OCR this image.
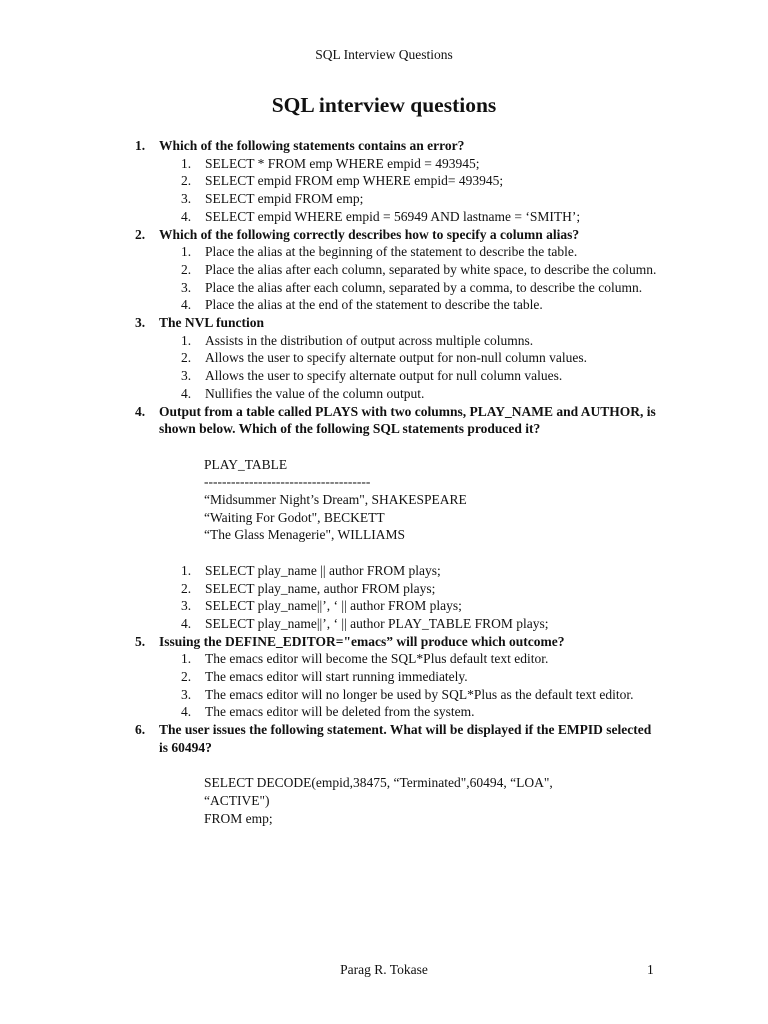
SQL Interview Questions
SQL interview questions
1.	Which of the following statements contains an error?
1.	SELECT * FROM emp WHERE empid = 493945;
2.	SELECT empid FROM emp WHERE empid= 493945;
3.	SELECT empid FROM emp;
4.	SELECT empid WHERE empid = 56949 AND lastname = ‘SMITH’;
2.	Which of the following correctly describes how to specify a column alias?
1.	Place the alias at the beginning of the statement to describe the table.
2.	Place the alias after each column, separated by white space, to describe the column.
3.	Place the alias after each column, separated by a comma, to describe the column.
4.	Place the alias at the end of the statement to describe the table.
3.	The NVL function
1.	Assists in the distribution of output across multiple columns.
2.	Allows the user to specify alternate output for non-null column values.
3.	Allows the user to specify alternate output for null column values.
4.	Nullifies the value of the column output.
4.	Output from a table called PLAYS with two columns, PLAY_NAME and AUTHOR, is shown below. Which of the following SQL statements produced it?
PLAY_TABLE
-------------------------------------
“Midsummer Night’s Dream", SHAKESPEARE
“Waiting For Godot", BECKETT
“The Glass Menagerie", WILLIAMS
1.	SELECT play_name || author FROM plays;
2.	SELECT play_name, author FROM plays;
3.	SELECT play_name||’, ‘ || author FROM plays;
4.	SELECT play_name||’, ‘ || author PLAY_TABLE FROM plays;
5.	Issuing the DEFINE_EDITOR="emacs” will produce which outcome?
1.	The emacs editor will become the SQL*Plus default text editor.
2.	The emacs editor will start running immediately.
3.	The emacs editor will no longer be used by SQL*Plus as the default text editor.
4.	The emacs editor will be deleted from the system.
6.	The user issues the following statement. What will be displayed if the EMPID selected is 60494?
SELECT DECODE(empid,38475, “Terminated",60494, “LOA",
“ACTIVE")
FROM emp;
Parag R. Tokase	1
